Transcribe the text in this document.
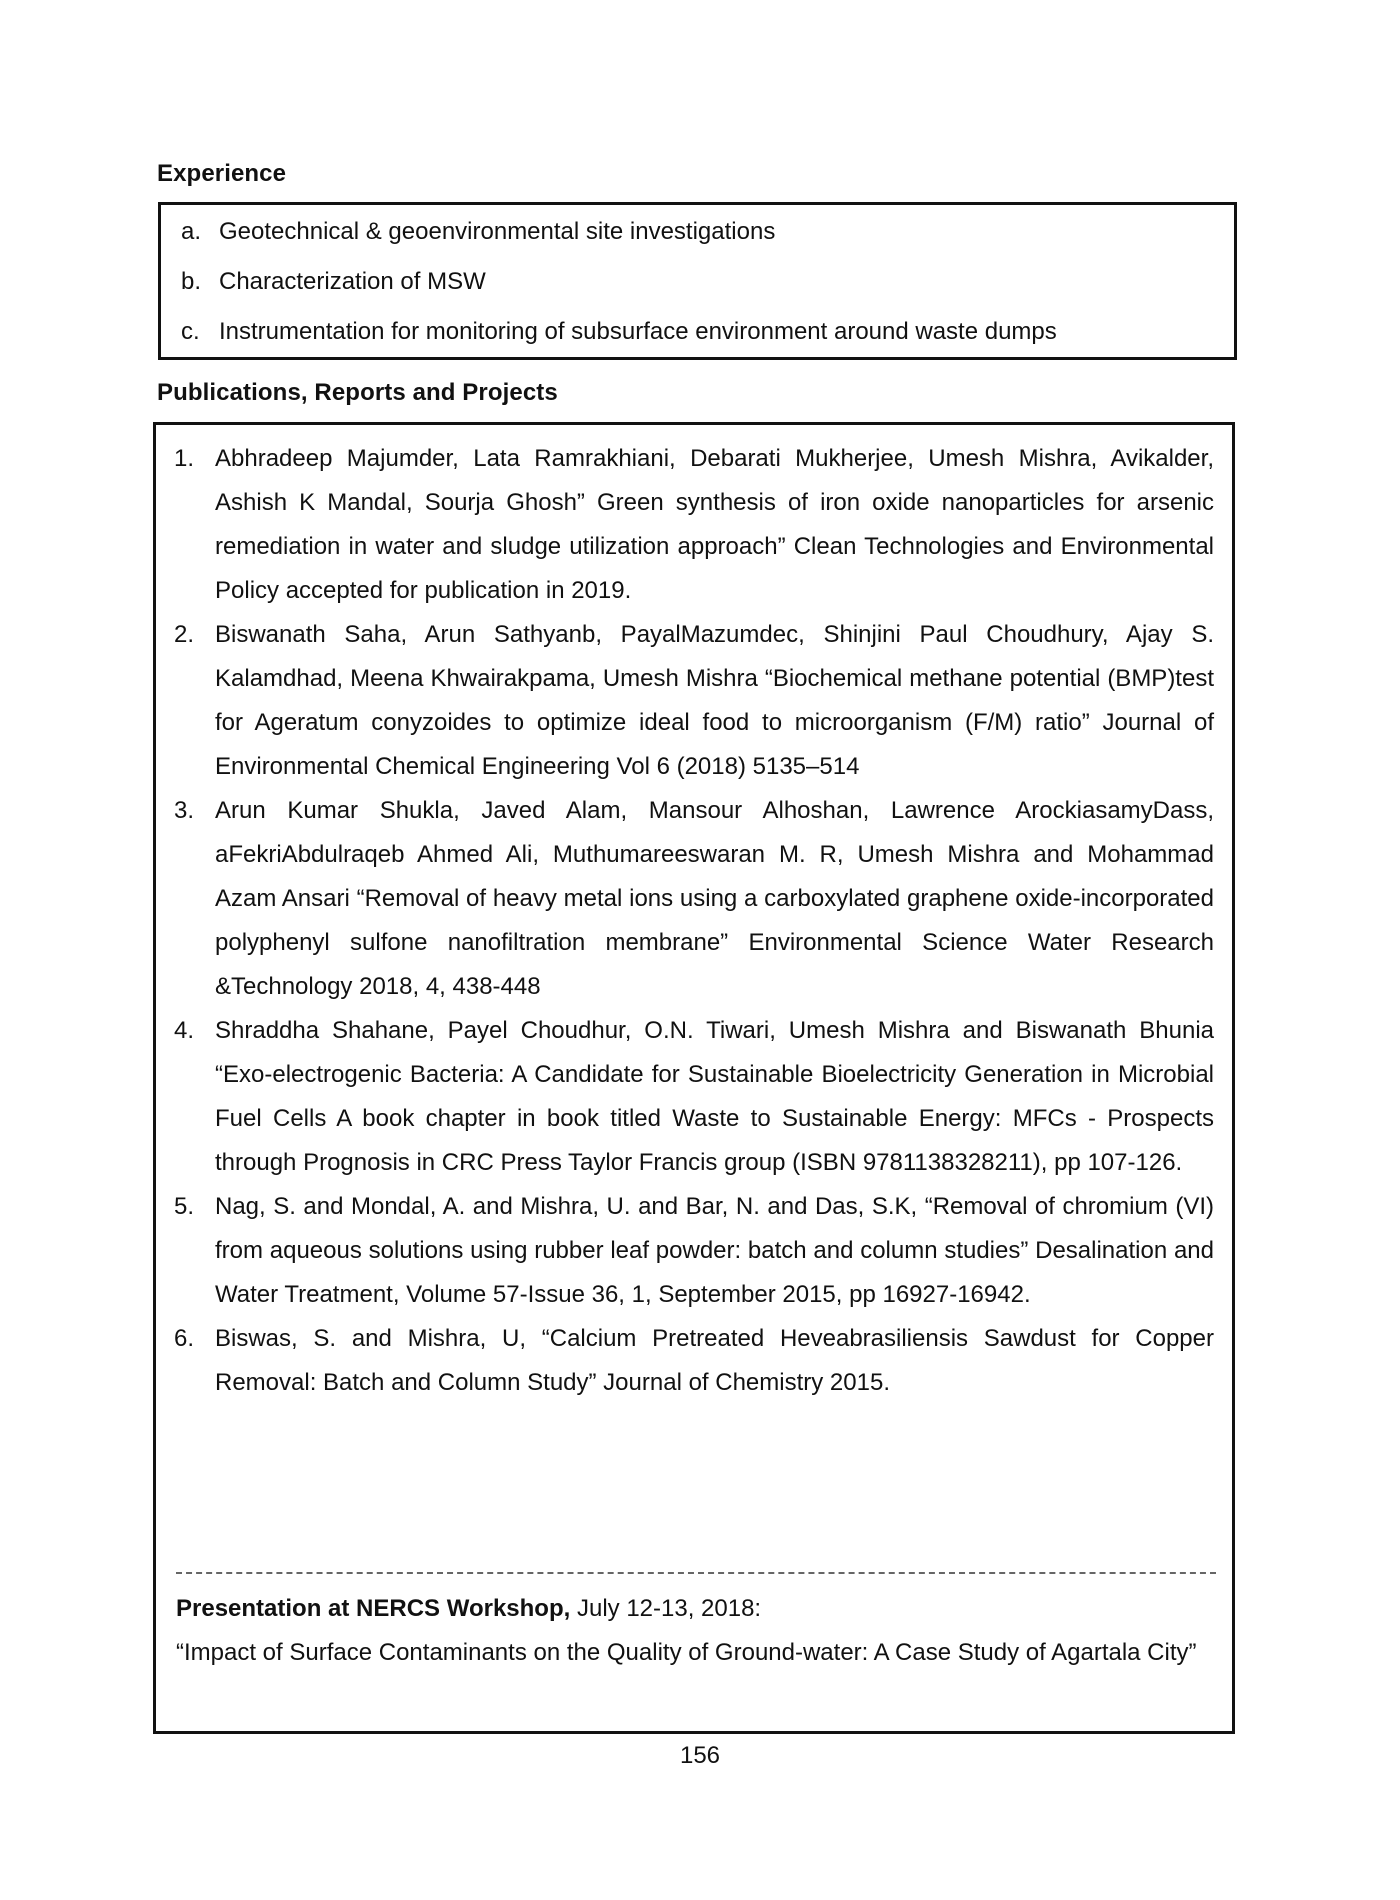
Experience
a. Geotechnical & geoenvironmental site investigations
b. Characterization of MSW
c. Instrumentation for monitoring of subsurface environment around waste dumps
Publications, Reports and Projects
1. Abhradeep Majumder, Lata Ramrakhiani, Debarati Mukherjee, Umesh Mishra, Avikalder, Ashish K Mandal, Sourja Ghosh” Green synthesis of iron oxide nanoparticles for arsenic remediation in water and sludge utilization approach” Clean Technologies and Environmental Policy accepted for publication in 2019.
2. Biswanath Saha, Arun Sathyanb, PayalMazumdec, Shinjini Paul Choudhury, Ajay S. Kalamdhad, Meena Khwairakpama, Umesh Mishra “Biochemical methane potential (BMP)test for Ageratum conyzoides to optimize ideal food to microorganism (F/M) ratio” Journal of Environmental Chemical Engineering Vol 6 (2018) 5135–514
3. Arun Kumar Shukla, Javed Alam, Mansour Alhoshan, Lawrence ArockiasamyDass, aFekriAbdulraqeb Ahmed Ali, Muthumareeswaran M. R, Umesh Mishra and Mohammad Azam Ansari “Removal of heavy metal ions using a carboxylated graphene oxide-incorporated polyphenyl sulfone nanofiltration membrane” Environmental Science Water Research &Technology 2018, 4, 438-448
4. Shraddha Shahane, Payel Choudhur, O.N. Tiwari, Umesh Mishra and Biswanath Bhunia “Exo-electrogenic Bacteria: A Candidate for Sustainable Bioelectricity Generation in Microbial Fuel Cells A book chapter in book titled Waste to Sustainable Energy: MFCs - Prospects through Prognosis in CRC Press Taylor Francis group (ISBN 9781138328211), pp 107-126.
5. Nag, S. and Mondal, A. and Mishra, U. and Bar, N. and Das, S.K, “Removal of chromium (VI) from aqueous solutions using rubber leaf powder: batch and column studies” Desalination and Water Treatment, Volume 57-Issue 36, 1, September 2015, pp 16927-16942.
6. Biswas, S. and Mishra, U, “Calcium Pretreated Heveabrasiliensis Sawdust for Copper Removal: Batch and Column Study” Journal of Chemistry 2015.
Presentation at NERCS Workshop, July 12-13, 2018:
“Impact of Surface Contaminants on the Quality of Ground-water: A Case Study of Agartala City”
156
